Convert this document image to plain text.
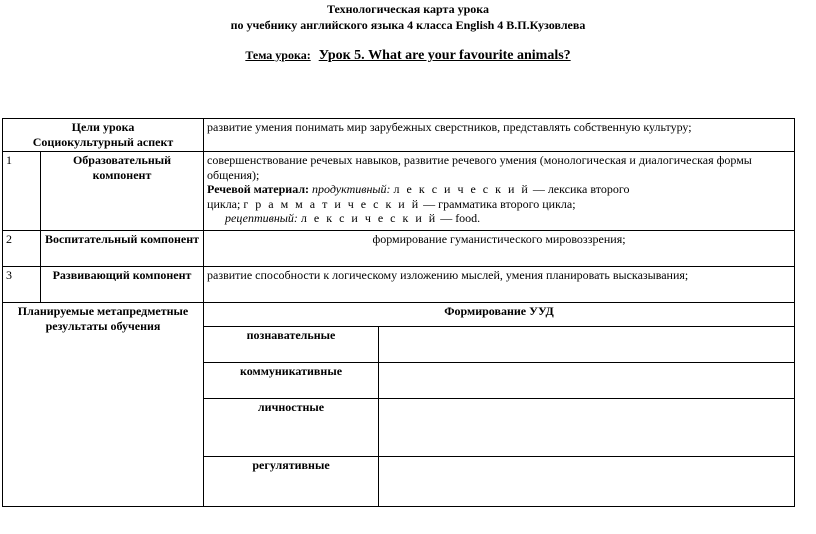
Технологическая карта урока
по учебнику английского языка 4 класса English 4 В.П.Кузовлева
Тема урока: Урок 5. What are your favourite animals?
Цели урока
Социокультурный аспект		развитие умения понимать мир зарубежных сверстников, представлять собственную культуру;	
1	Образовательный компонент	совершенствование речевых навыков, развитие речевого умения (монологическая и диалогическая формы общения);
Речевой материал: продуктивный: л е к с и ч е с к и й — лексика второго
цикла; г р а м м а т и ч е с к и й — грамматика второго цикла;
рецептивный: л е к с и ч е с к и й — food.	

2	Воспитательный компонент	формирование гуманистического мировоззрения;	
3	Развивающий компонент	развитие способности к логическому изложению мыслей, умения планировать высказывания;	
Планируемые метапредметные результаты обучения		Формирование УУД	
		познавательные	
		коммуникативные	
		личностные	
		регулятивные	
